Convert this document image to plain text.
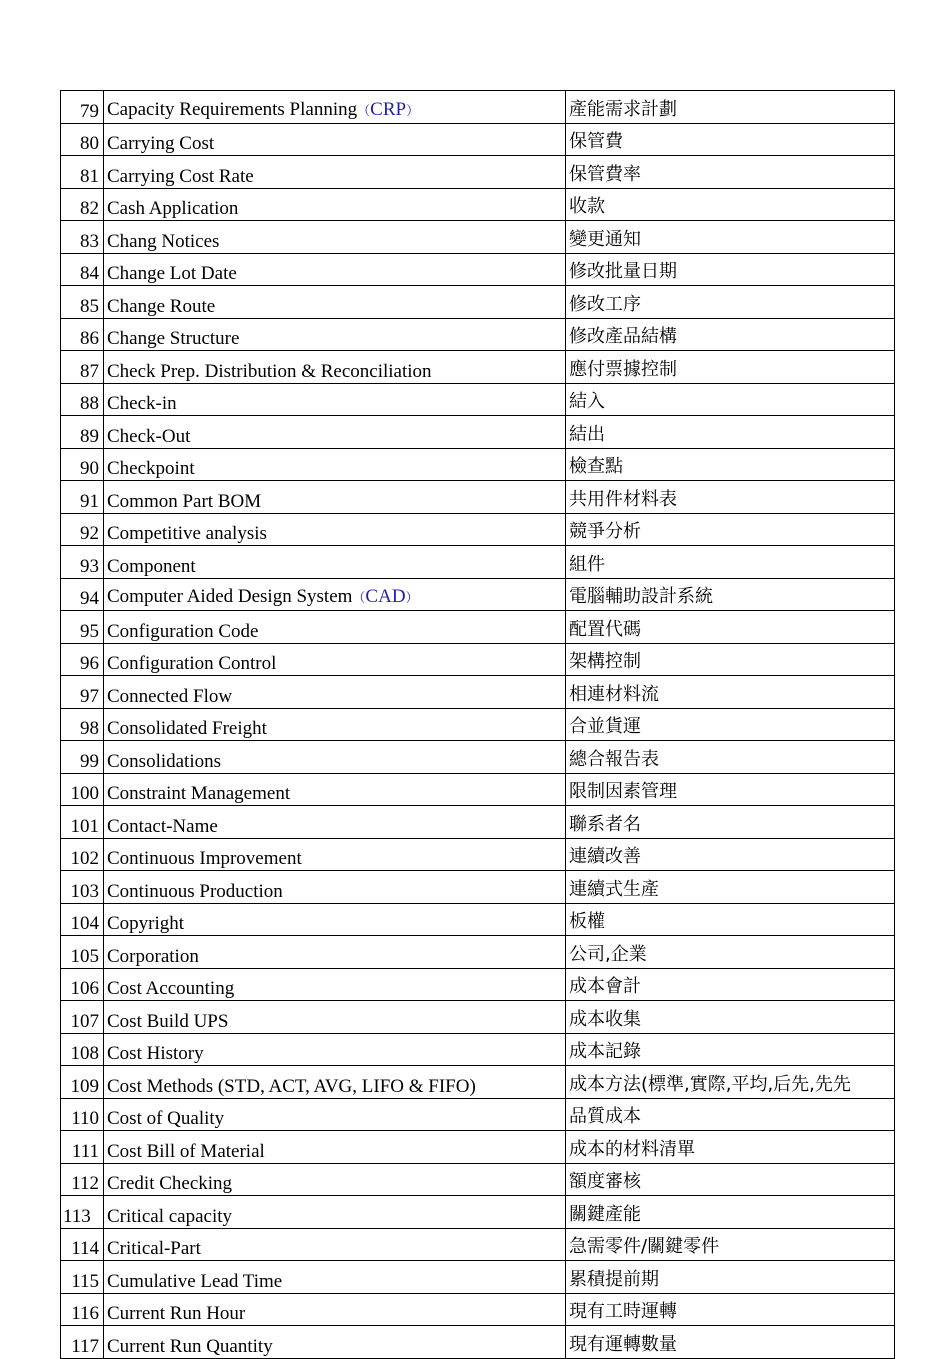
79	Capacity Requirements Planning（CRP）	產能需求計劃
80	Carrying Cost	保管費
81	Carrying Cost Rate	保管費率
82	Cash Application	收款
83	Chang Notices	變更通知
84	Change Lot Date	修改批量日期
85	Change Route	修改工序
86	Change Structure	修改產品結構
87	Check Prep. Distribution & Reconciliation	應付票據控制
88	Check-in	結入
89	Check-Out	結出
90	Checkpoint	檢查點
91	Common Part BOM	共用件材料表
92	Competitive analysis	競爭分析
93	Component	組件
94	Computer Aided Design System（CAD）	電腦輔助設計系統
95	Configuration Code	配置代碼
96	Configuration Control	架構控制
97	Connected Flow	相連材料流
98	Consolidated Freight	合並貨運
99	Consolidations	總合報告表
100	Constraint Management	限制因素管理
101	Contact-Name	聯系者名
102	Continuous Improvement	連續改善
103	Continuous Production	連續式生產
104	Copyright	板權
105	Corporation	公司,企業
106	Cost Accounting	成本會計
107	Cost Build UPS	成本收集
108	Cost History	成本記錄
109	Cost Methods (STD, ACT, AVG, LIFO & FIFO)	成本方法(標準,實際,平均,后先,先先
110	Cost of Quality	品質成本
111	Cost Bill of Material	成本的材料清單
112	Credit Checking	額度審核
113	Critical capacity	關鍵產能
114	Critical-Part	急需零件/關鍵零件
115	Cumulative Lead Time	累積提前期
116	Current Run Hour	現有工時運轉
117	Current Run Quantity	現有運轉數量
